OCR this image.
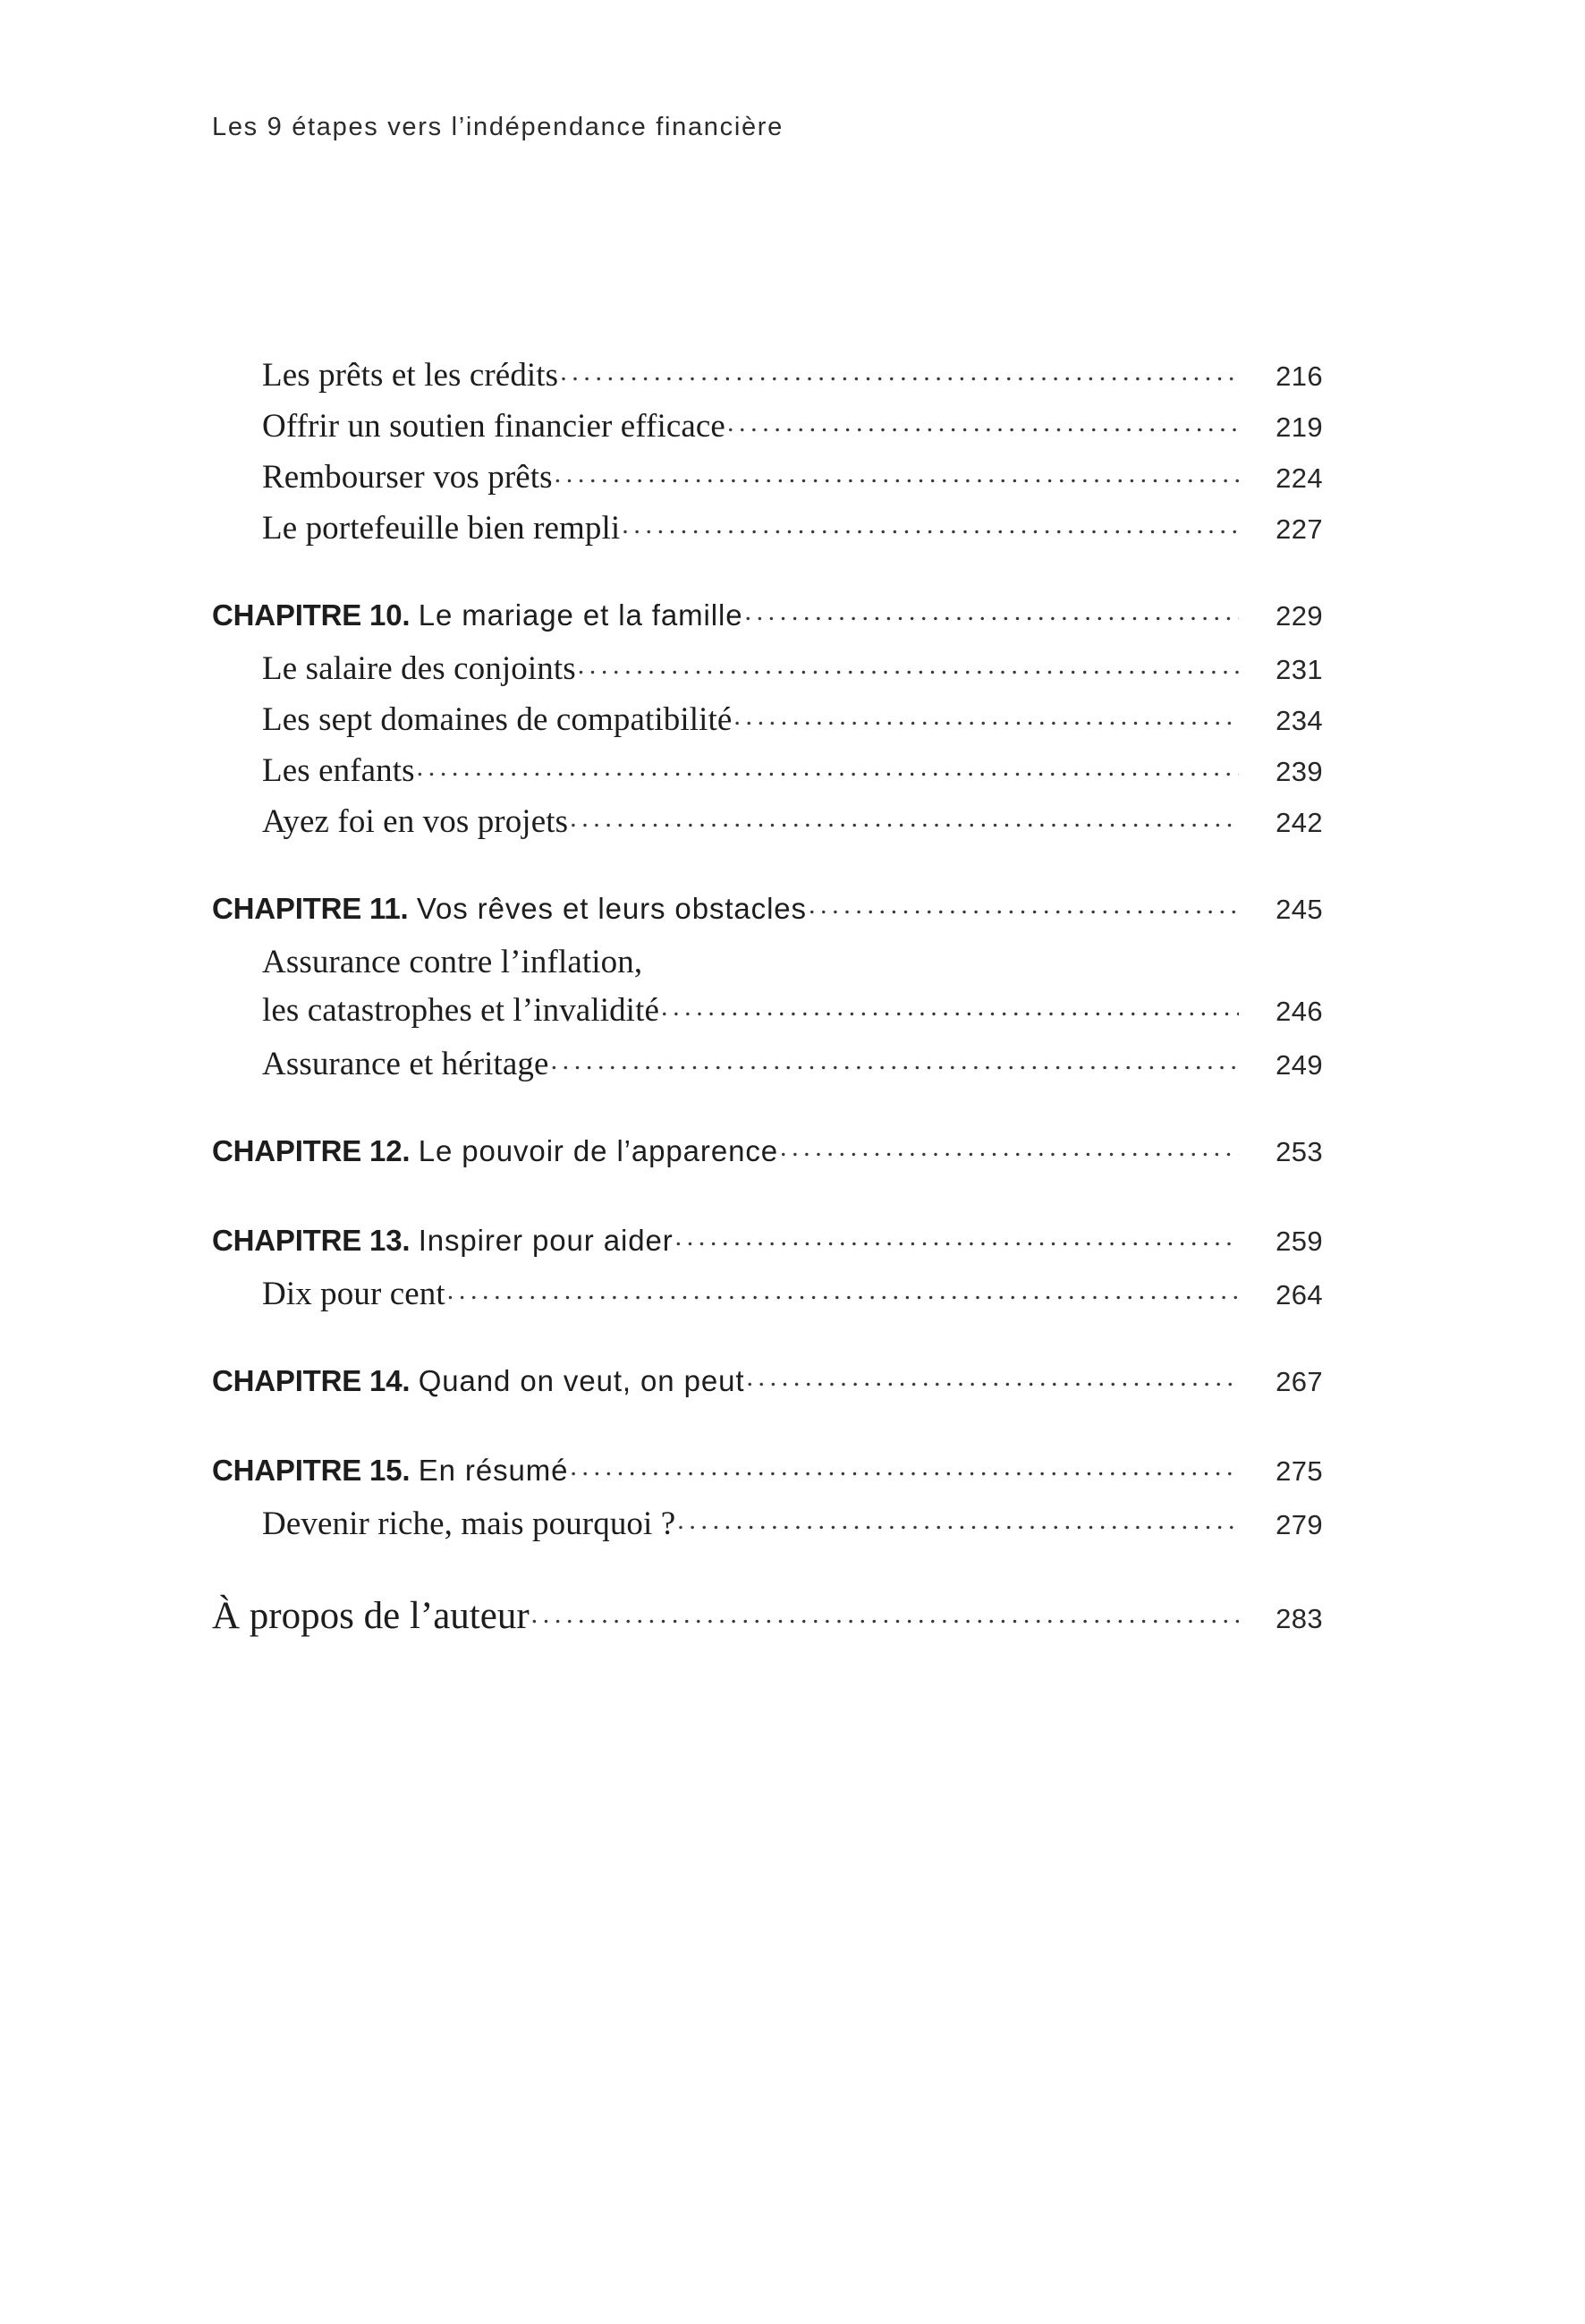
Les 9 étapes vers l’indépendance financière
Les prêts et les crédits .....	216
Offrir un soutien financier efficace .....	219
Rembourser vos prêts .....	224
Le portefeuille bien rempli .....	227
CHAPITRE 10. Le mariage et la famille .....	229
Le salaire des conjoints .....	231
Les sept domaines de compatibilité .....	234
Les enfants .....	239
Ayez foi en vos projets .....	242
CHAPITRE 11. Vos rêves et leurs obstacles .....	245
Assurance contre l’inflation,
les catastrophes et l’invalidité .....	246
Assurance et héritage .....	249
CHAPITRE 12. Le pouvoir de l’apparence .....	253
CHAPITRE 13. Inspirer pour aider .....	259
Dix pour cent .....	264
CHAPITRE 14. Quand on veut, on peut .....	267
CHAPITRE 15. En résumé .....	275
Devenir riche, mais pourquoi ? .....	279
À propos de l’auteur .....	283
